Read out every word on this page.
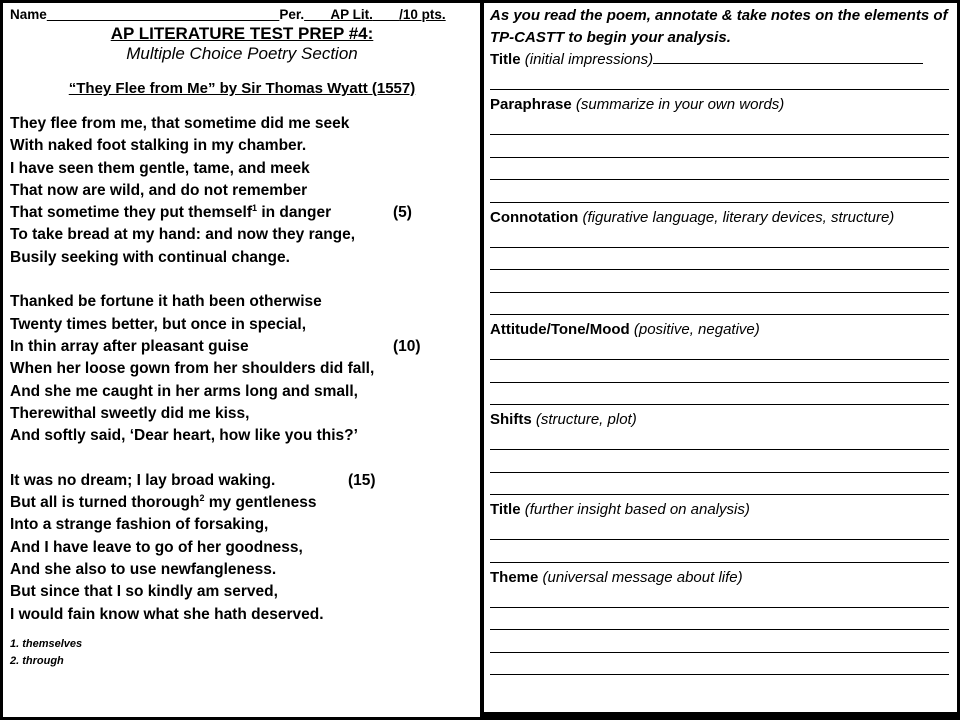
Name	Per. AP Lit. /10 pts.
AP LITERATURE TEST PREP #4:
Multiple Choice Poetry Section
“They Flee from Me” by Sir Thomas Wyatt (1557)
They flee from me, that sometime did me seek
With naked foot stalking in my chamber.
I have seen them gentle, tame, and meek
That now are wild, and do not remember
That sometime they put themself$^1$ in danger	(5)
To take bread at my hand: and now they range,
Busily seeking with continual change.
Thanked be fortune it hath been otherwise
Twenty times better, but once in special,
In thin array after pleasant guise	(10)
When her loose gown from her shoulders did fall,
And she me caught in her arms long and small,
Therewithal sweetly did me kiss,
And softly said, ‘Dear heart, how like you this?’
It was no dream; I lay broad waking.	(15)
But all is turned thorough$^2$ my gentleness
Into a strange fashion of forsaking,
And I have leave to go of her goodness,
And she also to use newfangleness.
But since that I so kindly am served,
I would fain know what she hath deserved.
1. themselves
2. through
As you read the poem, annotate & take notes on the elements of TP-CASTT to begin your analysis.
Title (initial impressions)
Paraphrase (summarize in your own words)
Connotation (figurative language, literary devices, structure)
Attitude/Tone/Mood (positive, negative)
Shifts (structure, plot)
Title (further insight based on analysis)
Theme (universal message about life)
